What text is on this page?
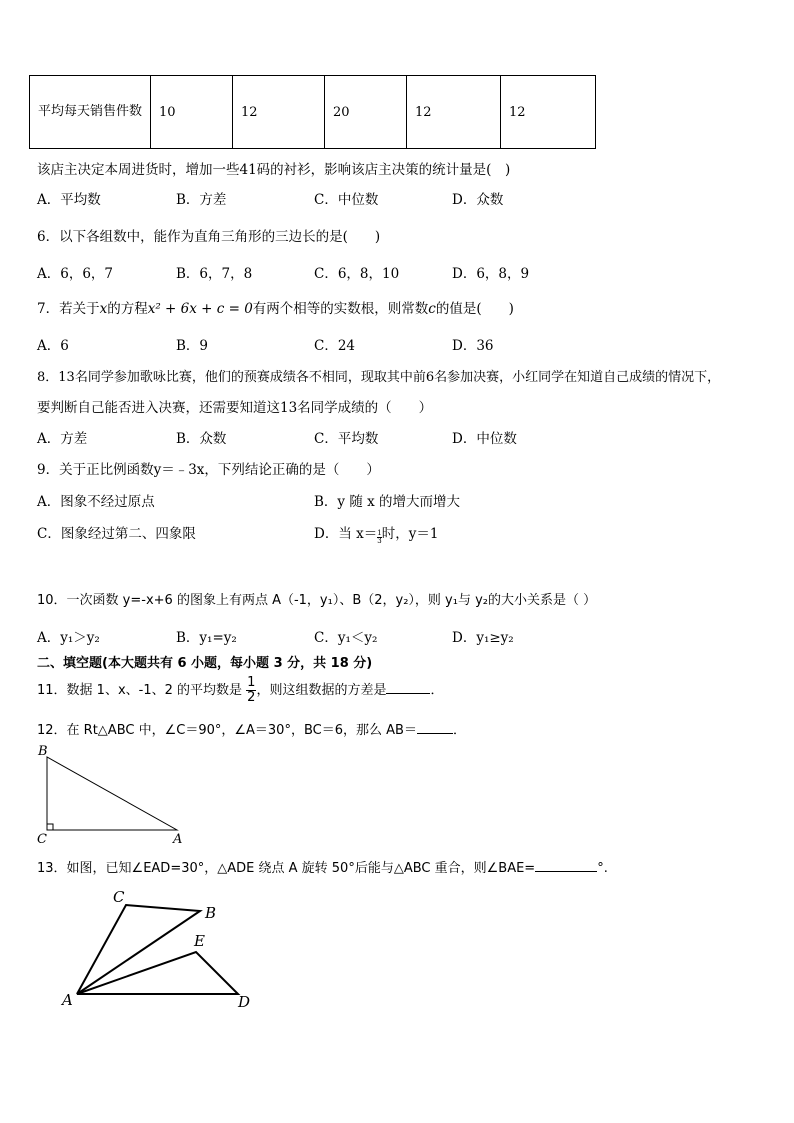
平均每天销售件数	10	12	20	12	12
该店主决定本周进货时，增加一些41码的衬衫，影响该店主决策的统计量是(　)
A．平均数	B．方差	C．中位数	D．众数
6．以下各组数中，能作为直角三角形的三边长的是(　　)
A．6，6，7	B．6，7，8	C．6，8，10	D．6，8，9
7．若关于x的方程x² + 6x + c = 0有两个相等的实数根，则常数c的值是(　　)
A．6	B．9	C．24	D．36
8．13名同学参加歌咏比赛，他们的预赛成绩各不相同，现取其中前6名参加决赛，小红同学在知道自己成绩的情况下，
要判断自己能否进入决赛，还需要知道这13名同学成绩的（　　）
A．方差	B．众数	C．平均数	D．中位数
9．关于正比例函数y＝﹣3x，下列结论正确的是（　　）
A．图象不经过原点	B．y 随 x 的增大而增大
C．图象经过第二、四象限	D．当 $x= \frac{1}{3}$ 时，y＝1
10．一次函数 y=-x+6 的图象上有两点 A（-1，y₁）、B（2，y₂），则 y₁与 y₂的大小关系是（ ）
A．y₁＞y₂	B．y₁=y₂	C．y₁＜y₂	D．y₁≥y₂
二、填空题(本大题共有 6 小题，每小题 3 分，共 18 分)
11．数据 1、x、-1、2 的平均数是 $\frac{1}{2}$ ，则这组数据的方差是	．
12．在 Rt△ABC 中，∠C＝90°，∠A＝30°，BC＝6，那么 AB＝	．
B
C	A
13．如图，已知∠EAD=30°，△ADE 绕点 A 旋转 50°后能与△ABC 重合，则∠BAE=	°.
C
B
E
A	D
